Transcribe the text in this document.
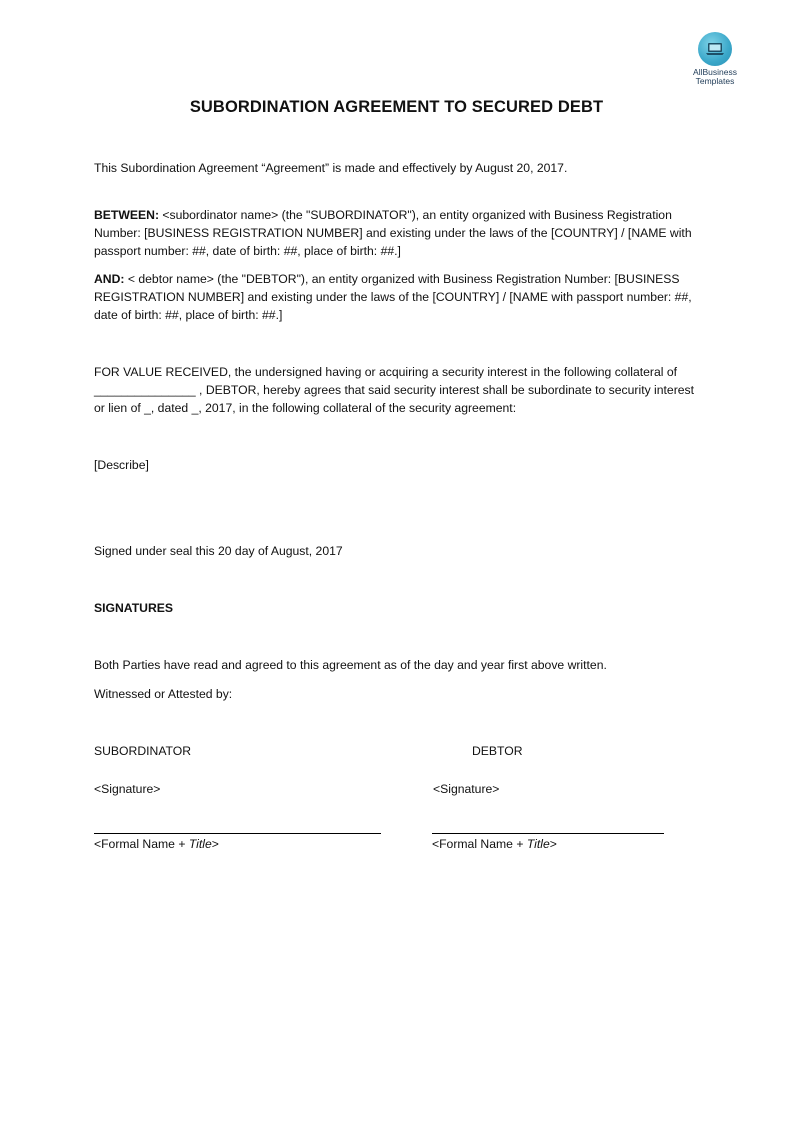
AllBusiness
Templates
SUBORDINATION AGREEMENT TO SECURED DEBT
This Subordination Agreement “Agreement” is made and effectively by August 20, 2017.
BETWEEN: <subordinator name> (the "SUBORDINATOR"), an entity organized with Business Registration Number: [BUSINESS REGISTRATION NUMBER] and existing under the laws of the [COUNTRY] / [NAME with passport number: ##, date of birth: ##, place of birth: ##.]
AND: < debtor name> (the "DEBTOR"), an entity organized with Business Registration Number: [BUSINESS REGISTRATION NUMBER] and existing under the laws of the [COUNTRY] / [NAME with passport number: ##, date of birth: ##, place of birth: ##.]
FOR VALUE RECEIVED, the undersigned having or acquiring a security interest in the following collateral of _______________ , DEBTOR, hereby agrees that said security interest shall be subordinate to security interest or lien of _, dated _, 2017, in the following collateral of the security agreement:
[Describe]
Signed under seal this 20 day of August, 2017
SIGNATURES
Both Parties have read and agreed to this agreement as of the day and year first above written.
Witnessed or Attested by:
SUBORDINATOR	DEBTOR
<Signature>	<Signature>
<Formal Name + Title>	<Formal Name + Title>
